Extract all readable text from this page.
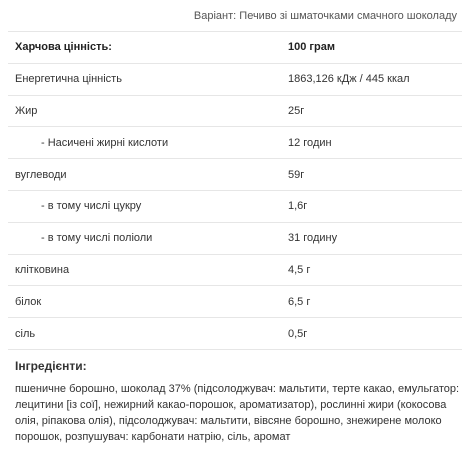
Варіант: Печиво зі шматочками смачного шоколаду
Харчова цінність:	100 грам
Енергетична цінність	1863,126 кДж / 445 ккал
Жир	25г
- Насичені жирні кислоти	12 годин
вуглеводи	59г
- в тому числі цукру	1,6г
- в тому числі поліоли	31 годину
клітковина	4,5 г
білок	6,5 г
сіль	0,5г
Інгредієнти:
пшеничне борошно, шоколад 37% (підсолоджувач: мальтити, терте какао, емульгатор: лецитини [із сої], нежирний какао-порошок, ароматизатор), рослинні жири (кокосова олія, ріпакова олія), підсолоджувач: мальтити, вівсяне борошно, знежирене молоко порошок, розпушувач: карбонати натрію, сіль, аромат
